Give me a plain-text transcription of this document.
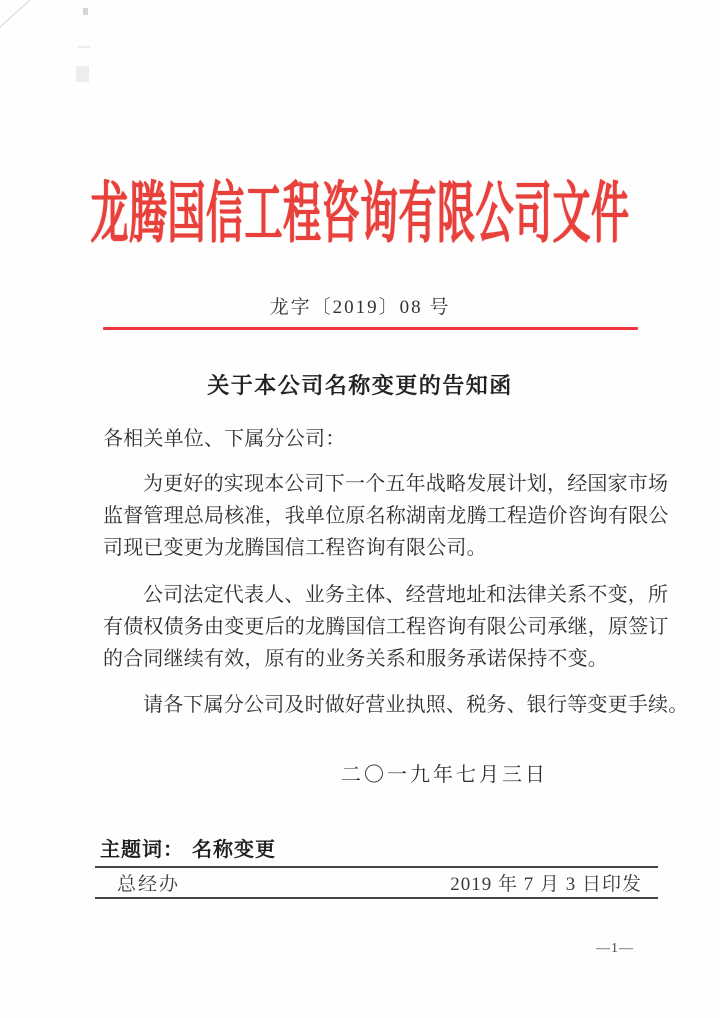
龙腾国信工程咨询有限公司文件
龙字〔2019〕08 号
关于本公司名称变更的告知函
各相关单位、下属分公司：
为更好的实现本公司下一个五年战略发展计划，经国家市场
监督管理总局核准，我单位原名称湖南龙腾工程造价咨询有限公
司现已变更为龙腾国信工程咨询有限公司。
公司法定代表人、业务主体、经营地址和法律关系不变，所
有债权债务由变更后的龙腾国信工程咨询有限公司承继，原签订
的合同继续有效，原有的业务关系和服务承诺保持不变。
请各下属分公司及时做好营业执照、税务、银行等变更手续。
二〇一九年七月三日
主题词： 名称变更
总经办	2019 年 7 月 3 日印发
—1—
